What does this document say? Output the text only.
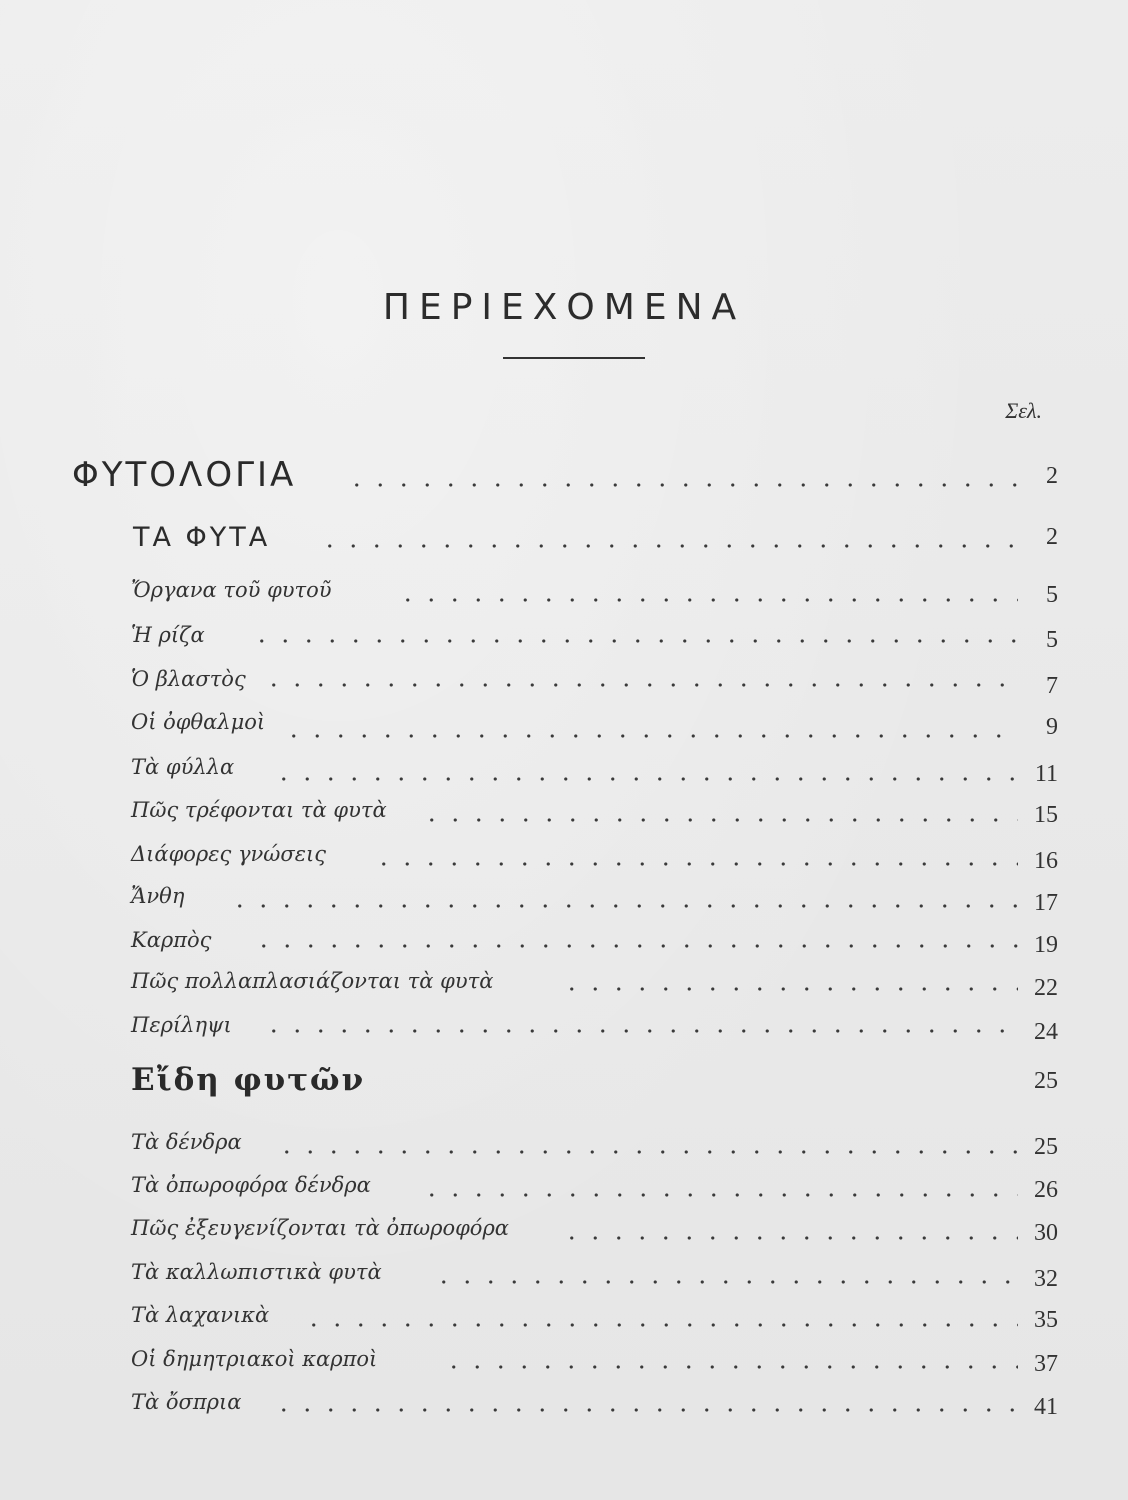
ΠΕΡΙΕΧΟΜΕΝΑ
Σελ.
ΦΥΤΟΛΟΓΙΑ	2
ΤΑ ΦΥΤΑ	2
Ὄργανα τοῦ φυτοῦ	5
Ἡ ρίζα	5
Ὁ βλαστὸς	7
Οἱ ὀφθαλμοὶ	9
Τὰ φύλλα	11
Πῶς τρέφονται τὰ φυτὰ	15
Διάφορες γνώσεις	16
Ἄνθη	17
Καρπὸς	19
Πῶς πολλαπλασιάζονται τὰ φυτὰ	22
Περίληψι	24
Εἴδη φυτῶν	25
Τὰ δένδρα	25
Τὰ ὀπωροφόρα δένδρα	26
Πῶς ἐξευγενίζονται τὰ ὀπωροφόρα	30
Τὰ καλλωπιστικὰ φυτὰ	32
Τὰ λαχανικὰ	35
Οἱ δημητριακοὶ καρποὶ	37
Τὰ ὄσπρια	41
